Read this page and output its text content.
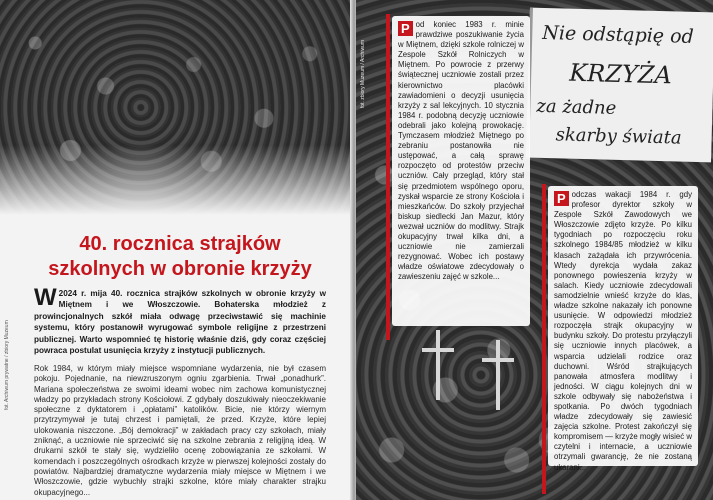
fot. Archiwum prywatne / zbiory Muzeum
40. rocznica strajków
szkolnych w obronie krzyży

W 2024 r. mija 40. rocznica strajków szkolnych w obronie krzyży w Miętnem i we Włoszczowie. Bohaterska młodzież z prowincjonalnych szkół miała odwagę przeciwstawić się machinie systemu, który postanowił wyrugować symbole religijne z przestrzeni publicznej. Warto wspomnieć tę historię właśnie dziś, gdy coraz częściej powraca postulat usunięcia krzyży z instytucji publicznych.

Rok 1984, w którym miały miejsce wspomniane wydarzenia, nie był czasem pokoju. Pojednanie, na niewzruszonym ogniu zgarbienia. Trwał „ponadhurk”. Mariana społeczeństwa ze swoimi ideami wobec nim zachowa komunistycznej władzy po przykładach strony Kościołowi. Z gdybały doszukiwały nieoczekiwanie społeczne z dyktatorem i „opłatami” katolików. Bicie, nie którzy wiernym przytrzymywał je tutaj chrzest i pamiętali, że przed. Krzyże, które lepiej ulokowania niszczone. „Bój demokracji” w zakładach pracy czy szkołach, miały zniknąć, a uczniowie nie sprzeciwić się na szkolne zebrania z religijną ideą. W drukarni szkół te stały się, wydzieliło ocenę zobowiązania ze szkołami. W komendach i poszczególnych ośrodkach krzyże w pierwszej kolejności zostały do powiatów. Najbardziej dramatyczne wydarzenia miały miejsce w Miętnem i we Włoszczowie, gdzie wybuchły strajki szkolne, które miały charakter strajku okupacyjnego...

Nie odstąpię od
KRZYŻA
za żadne
skarby świata
fot. zbiory Muzeum / Archiwum
P od koniec 1983 r. minie prawdziwe poszukiwanie życia w Miętnem, dzięki szkole rolniczej w Zespole Szkół Rolniczych w Miętnem. Po powrocie z przerwy świątecznej uczniowie zostali przez kierownictwo placówki zawiadomieni o decyzji usunięcia krzyży z sal lekcyjnych. 10 stycznia 1984 r. podobną decyzję uczniowie odebrali jako kolejną prowokację. Tymczasem młodzież Miętnego po zebraniu postanowiła nie ustępować, a całą sprawę rozpoczęto od protestów przeciw uczniów. Cały przegląd, który stał się przedmiotem wspólnego oporu, zyskał wsparcie ze strony Kościoła i mieszkańców. Do szkoły przyjechał biskup siedlecki Jan Mazur, który wezwał uczniów do modlitwy. Strajk okupacyjny trwał kilka dni, a uczniowie nie zamierzali rezygnować. Wobec ich postawy władze oświatowe zdecydowały o zawieszeniu zajęć w szkole...
P odczas wakacji 1984 r. gdy profesor dyrektor szkoły w Zespole Szkół Zawodowych we Włoszczowie zdjęto krzyże. Po kilku tygodniach po rozpoczęciu roku szkolnego 1984/85 młodzież w kilku klasach zażądała ich przywrócenia. Wtedy dyrekcja wydała zakaz ponownego powieszenia krzyży w salach. Kiedy uczniowie zdecydowali samodzielnie wnieść krzyże do klas, władze szkolne nakazały ich ponowne usunięcie. W odpowiedzi młodzież rozpoczęła strajk okupacyjny w budynku szkoły. Do protestu przyłączyli się uczniowie innych placówek, a wsparcia udzielali rodzice oraz duchowni. Wśród strajkujących panowała atmosfera modlitwy i jedności. W ciągu kolejnych dni w szkole odbywały się nabożeństwa i spotkania. Po dwóch tygodniach władze zdecydowały się zawiesić zajęcia szkolne. Protest zakończył się kompromisem — krzyże mogły wisieć w czytelni i internacie, a uczniowie otrzymali gwarancję, że nie zostaną ukarani...
